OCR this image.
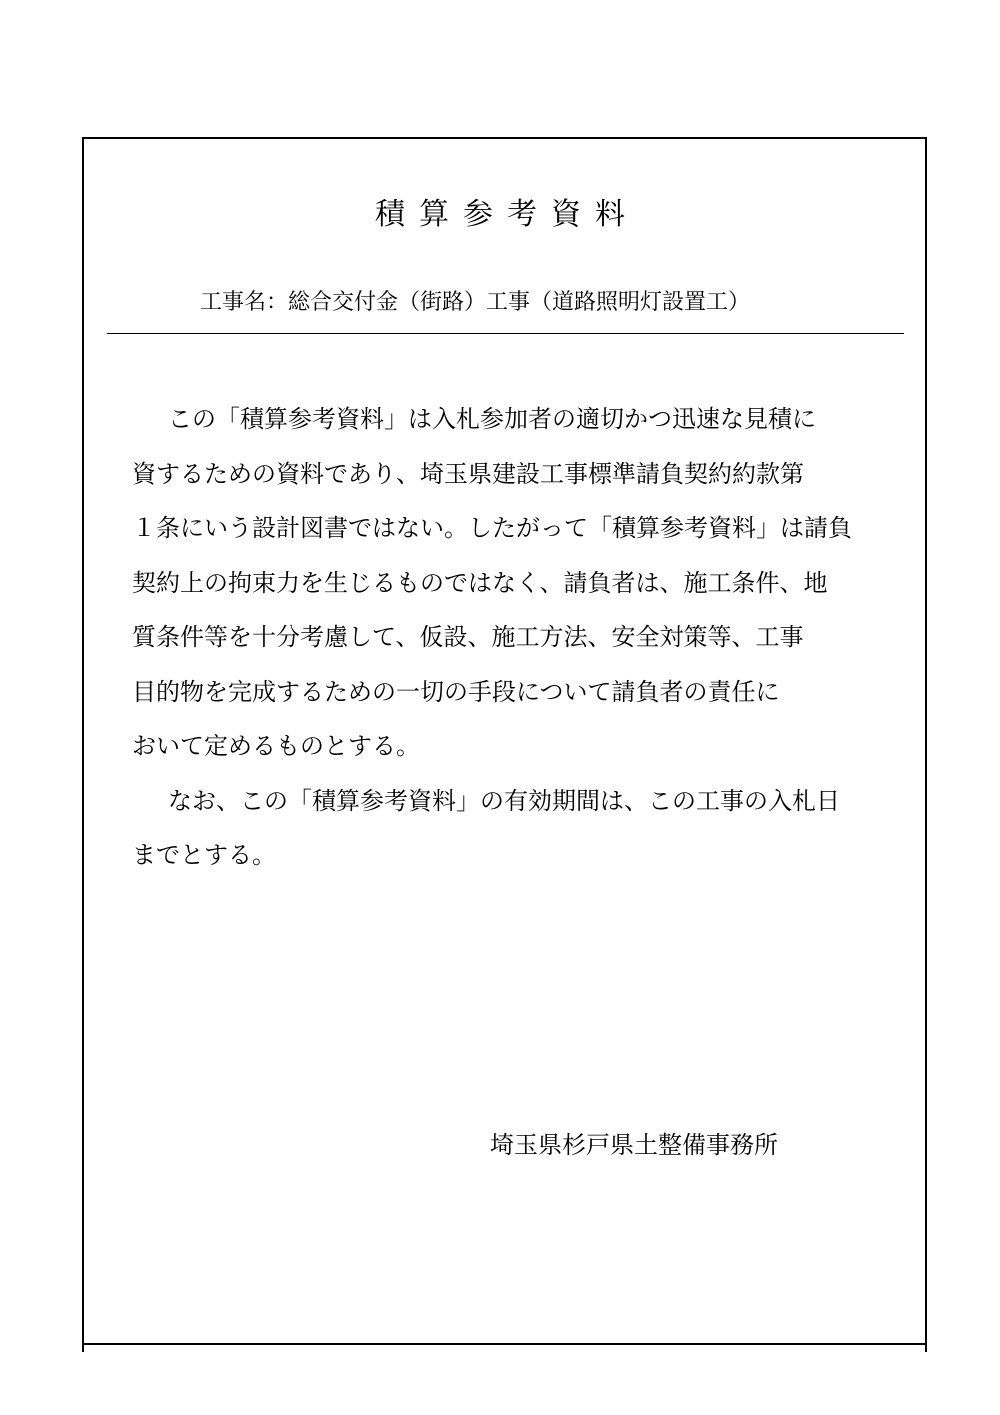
積算参考資料
工事名：総合交付金（街路）工事（道路照明灯設置工）
この「積算参考資料」は入札参加者の適切かつ迅速な見積に
資するための資料であり、埼玉県建設工事標準請負契約約款第
１条にいう設計図書ではない。したがって「積算参考資料」は請負
契約上の拘束力を生じるものではなく、請負者は、施工条件、地
質条件等を十分考慮して、仮設、施工方法、安全対策等、工事
目的物を完成するための一切の手段について請負者の責任に
おいて定めるものとする。
なお、この「積算参考資料」の有効期間は、この工事の入札日
までとする。
埼玉県杉戸県土整備事務所
